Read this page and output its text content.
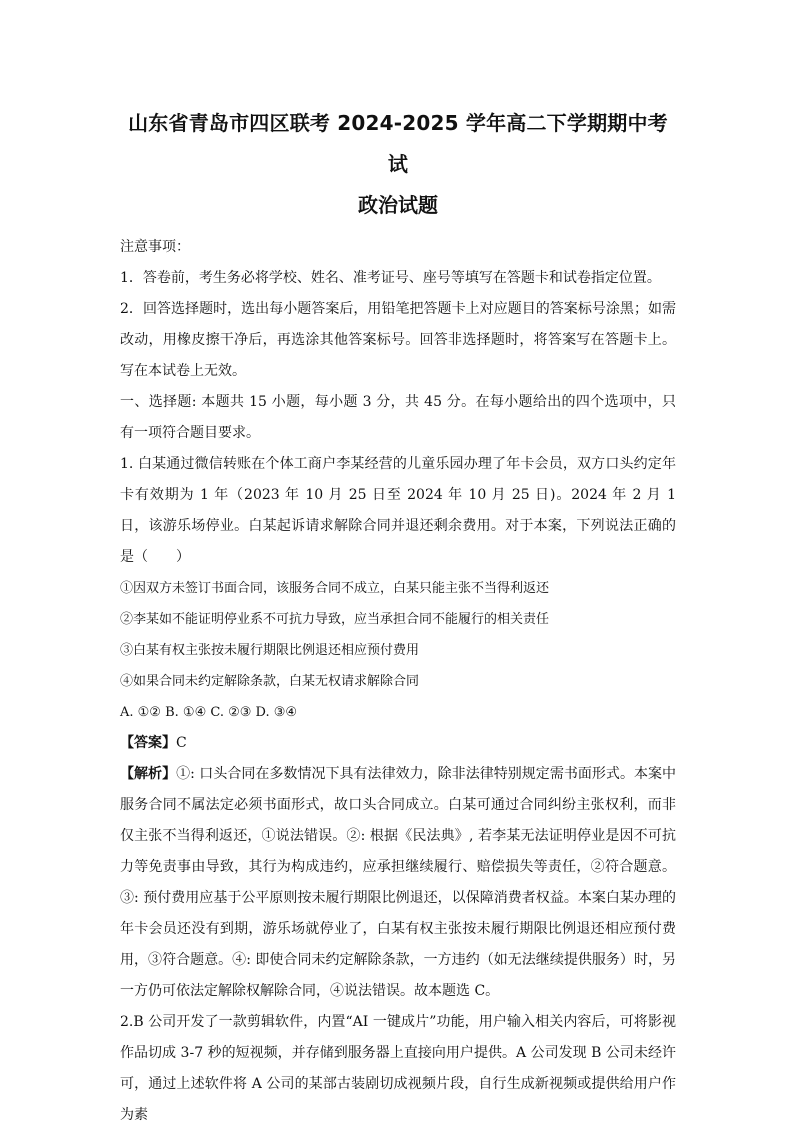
山东省青岛市四区联考 2024-2025 学年高二下学期期中考试
政治试题

注意事项：

1．答卷前，考生务必将学校、姓名、准考证号、座号等填写在答题卡和试卷指定位置。

2．回答选择题时，选出每小题答案后，用铅笔把答题卡上对应题目的答案标号涂黑；如需改动，用橡皮擦干净后，再选涂其他答案标号。回答非选择题时，将答案写在答题卡上。写在本试卷上无效。

一、选择题: 本题共 15 小题，每小题 3 分，共 45 分。在每小题给出的四个选项中，只有一项符合题目要求。

1. 白某通过微信转账在个体工商户李某经营的儿童乐园办理了年卡会员，双方口头约定年卡有效期为 1 年（2023 年 10 月 25 日至 2024 年 10 月 25 日)。2024 年 2 月 1 日，该游乐场停业。白某起诉请求解除合同并退还剩余费用。对于本案，下列说法正确的是（　　）

①因双方未签订书面合同，该服务合同不成立，白某只能主张不当得利返还

②李某如不能证明停业系不可抗力导致，应当承担合同不能履行的相关责任

③白某有权主张按未履行期限比例退还相应预付费用

④如果合同未约定解除条款，白某无权请求解除合同

A. ①② B. ①④ C. ②③ D. ③④

【答案】C

【解析】①: 口头合同在多数情况下具有法律效力，除非法律特别规定需书面形式。本案中服务合同不属法定必须书面形式，故口头合同成立。白某可通过合同纠纷主张权利，而非仅主张不当得利返还，①说法错误。②: 根据《民法典》, 若李某无法证明停业是因不可抗力等免责事由导致，其行为构成违约，应承担继续履行、赔偿损失等责任，②符合题意。③: 预付费用应基于公平原则按未履行期限比例退还，以保障消费者权益。本案白某办理的年卡会员还没有到期，游乐场就停业了，白某有权主张按未履行期限比例退还相应预付费用，③符合题意。④: 即使合同未约定解除条款，一方违约（如无法继续提供服务）时，另一方仍可依法定解除权解除合同，④说法错误。故本题选 C。

2.B 公司开发了一款剪辑软件，内置“AI 一键成片”功能，用户输入相关内容后，可将影视作品切成 3-7 秒的短视频，并存储到服务器上直接向用户提供。A 公司发现 B 公司未经许可，通过上述软件将 A 公司的某部古装剧切成视频片段，自行生成新视频或提供给用户作为素
